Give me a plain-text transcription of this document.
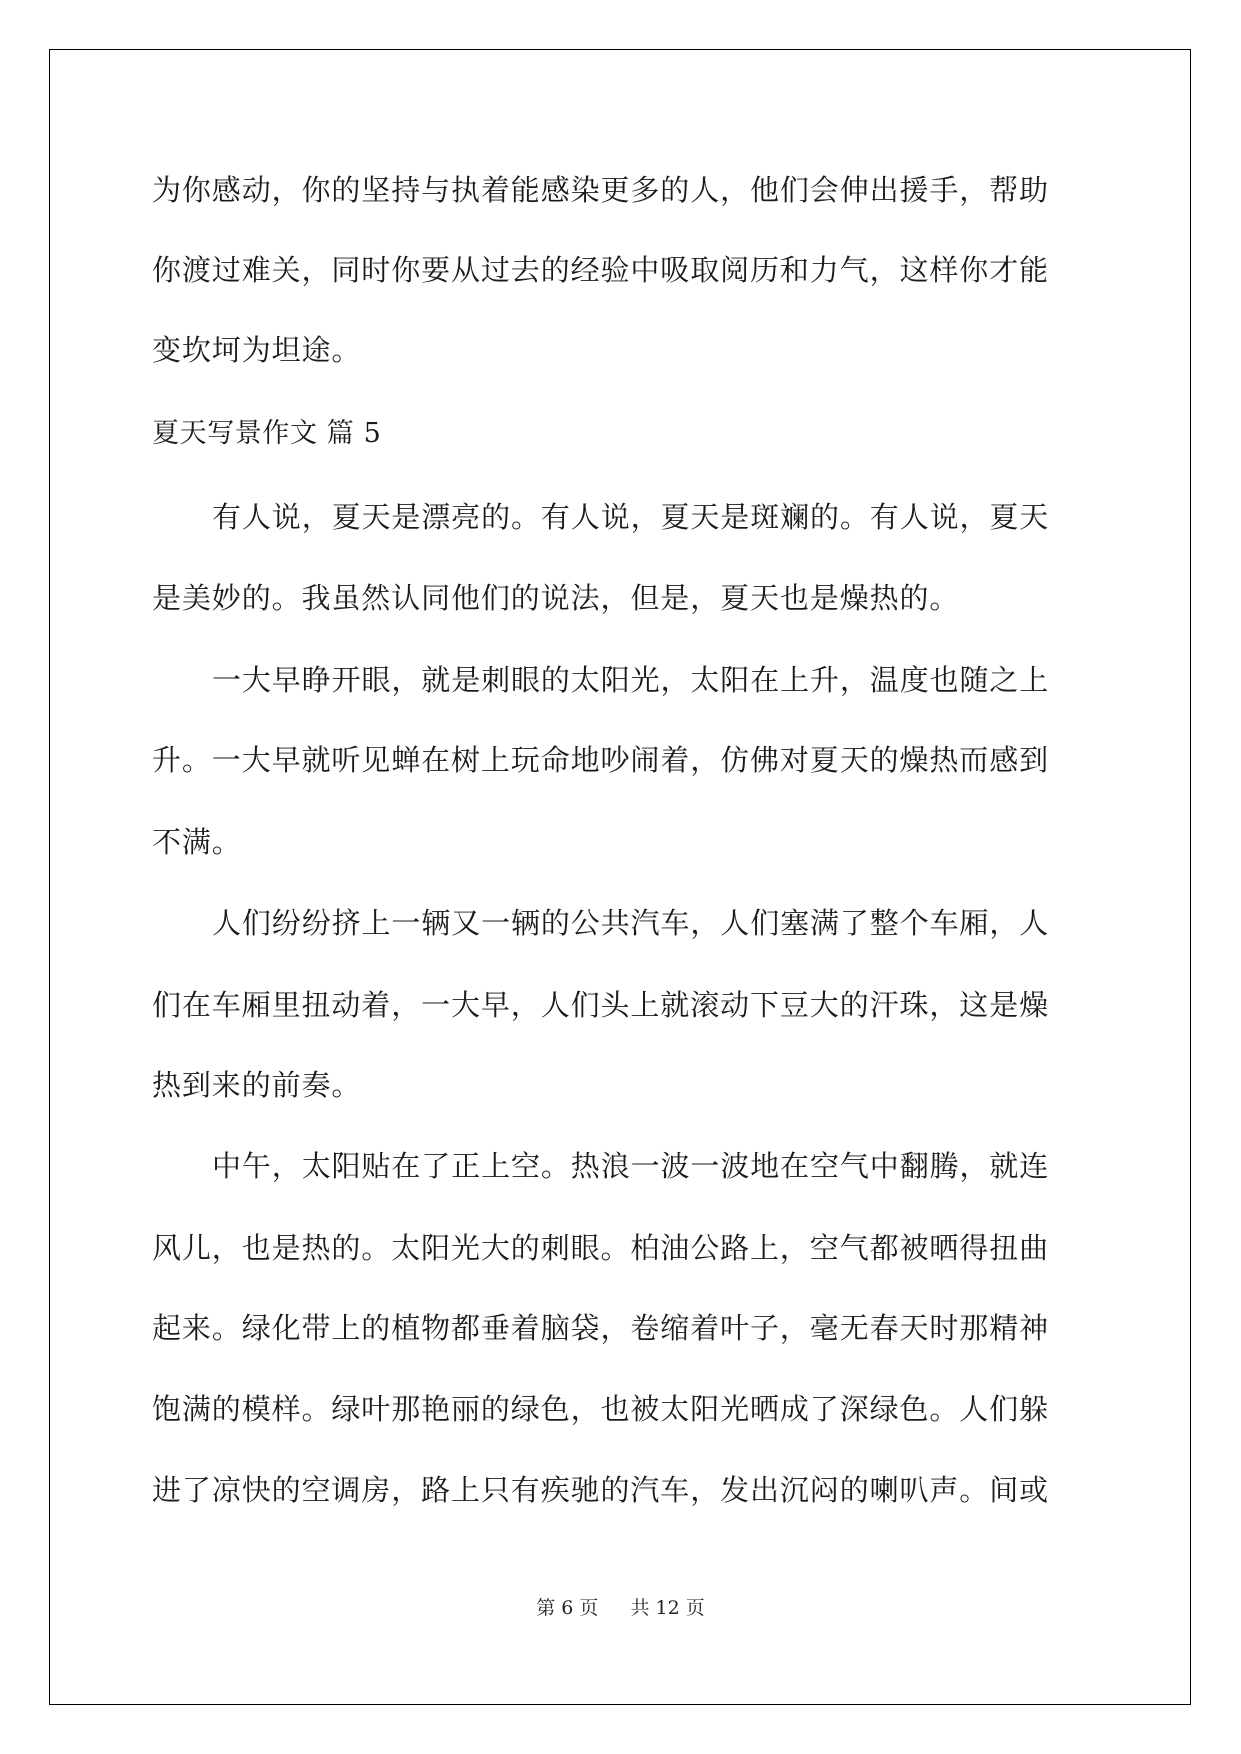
为你感动，你的坚持与执着能感染更多的人，他们会伸出援手，帮助
你渡过难关，同时你要从过去的经验中吸取阅历和力气，这样你才能
变坎坷为坦途。
夏天写景作文 篇 5
有人说，夏天是漂亮的。有人说，夏天是斑斓的。有人说，夏天
是美妙的。我虽然认同他们的说法，但是，夏天也是燥热的。
一大早睁开眼，就是刺眼的太阳光，太阳在上升，温度也随之上
升。一大早就听见蝉在树上玩命地吵闹着，仿佛对夏天的燥热而感到
不满。
人们纷纷挤上一辆又一辆的公共汽车，人们塞满了整个车厢，人
们在车厢里扭动着，一大早，人们头上就滚动下豆大的汗珠，这是燥
热到来的前奏。
中午，太阳贴在了正上空。热浪一波一波地在空气中翻腾，就连
风儿，也是热的。太阳光大的刺眼。柏油公路上，空气都被晒得扭曲
起来。绿化带上的植物都垂着脑袋，卷缩着叶子，毫无春天时那精神
饱满的模样。绿叶那艳丽的绿色，也被太阳光晒成了深绿色。人们躲
进了凉快的空调房，路上只有疾驰的汽车，发出沉闷的喇叭声。间或
第 6 页 共 12 页
